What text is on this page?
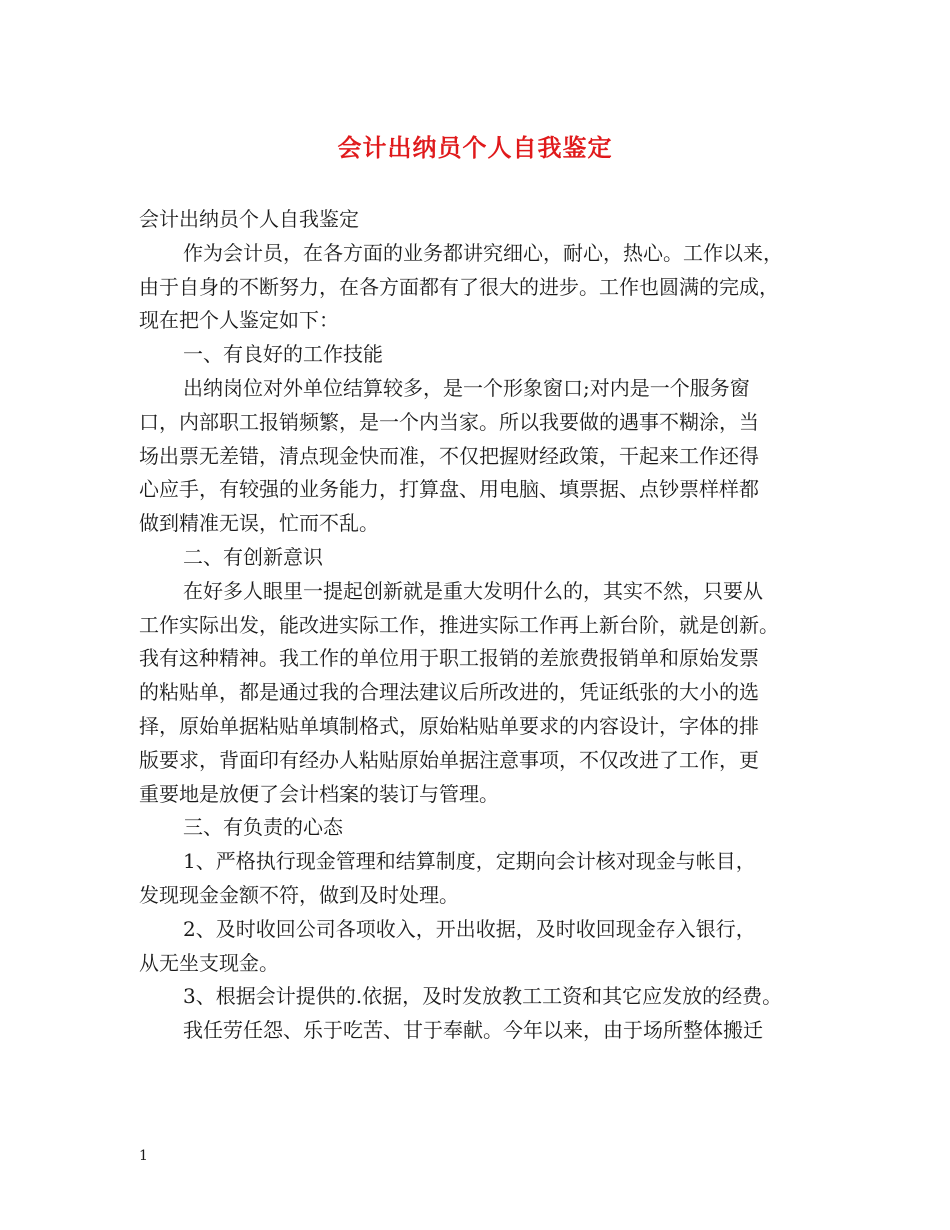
会计出纳员个人自我鉴定

会计出纳员个人自我鉴定

作为会计员，在各方面的业务都讲究细心，耐心，热心。工作以来，

由于自身的不断努力，在各方面都有了很大的进步。工作也圆满的完成，

现在把个人鉴定如下：

一、有良好的工作技能

出纳岗位对外单位结算较多，是一个形象窗口;对内是一个服务窗

口，内部职工报销频繁，是一个内当家。所以我要做的遇事不糊涂，当

场出票无差错，清点现金快而准，不仅把握财经政策，干起来工作还得

心应手，有较强的业务能力，打算盘、用电脑、填票据、点钞票样样都

做到精准无误，忙而不乱。

二、有创新意识

在好多人眼里一提起创新就是重大发明什么的，其实不然，只要从

工作实际出发，能改进实际工作，推进实际工作再上新台阶，就是创新。

我有这种精神。我工作的单位用于职工报销的差旅费报销单和原始发票

的粘贴单，都是通过我的合理法建议后所改进的，凭证纸张的大小的选

择，原始单据粘贴单填制格式，原始粘贴单要求的内容设计，字体的排

版要求，背面印有经办人粘贴原始单据注意事项，不仅改进了工作，更

重要地是放便了会计档案的装订与管理。

三、有负责的心态

1、严格执行现金管理和结算制度，定期向会计核对现金与帐目，

发现现金金额不符，做到及时处理。

2、及时收回公司各项收入，开出收据，及时收回现金存入银行，

从无坐支现金。

3、根据会计提供的.依据，及时发放教工工资和其它应发放的经费。

我任劳任怨、乐于吃苦、甘于奉献。今年以来，由于场所整体搬迁

1
